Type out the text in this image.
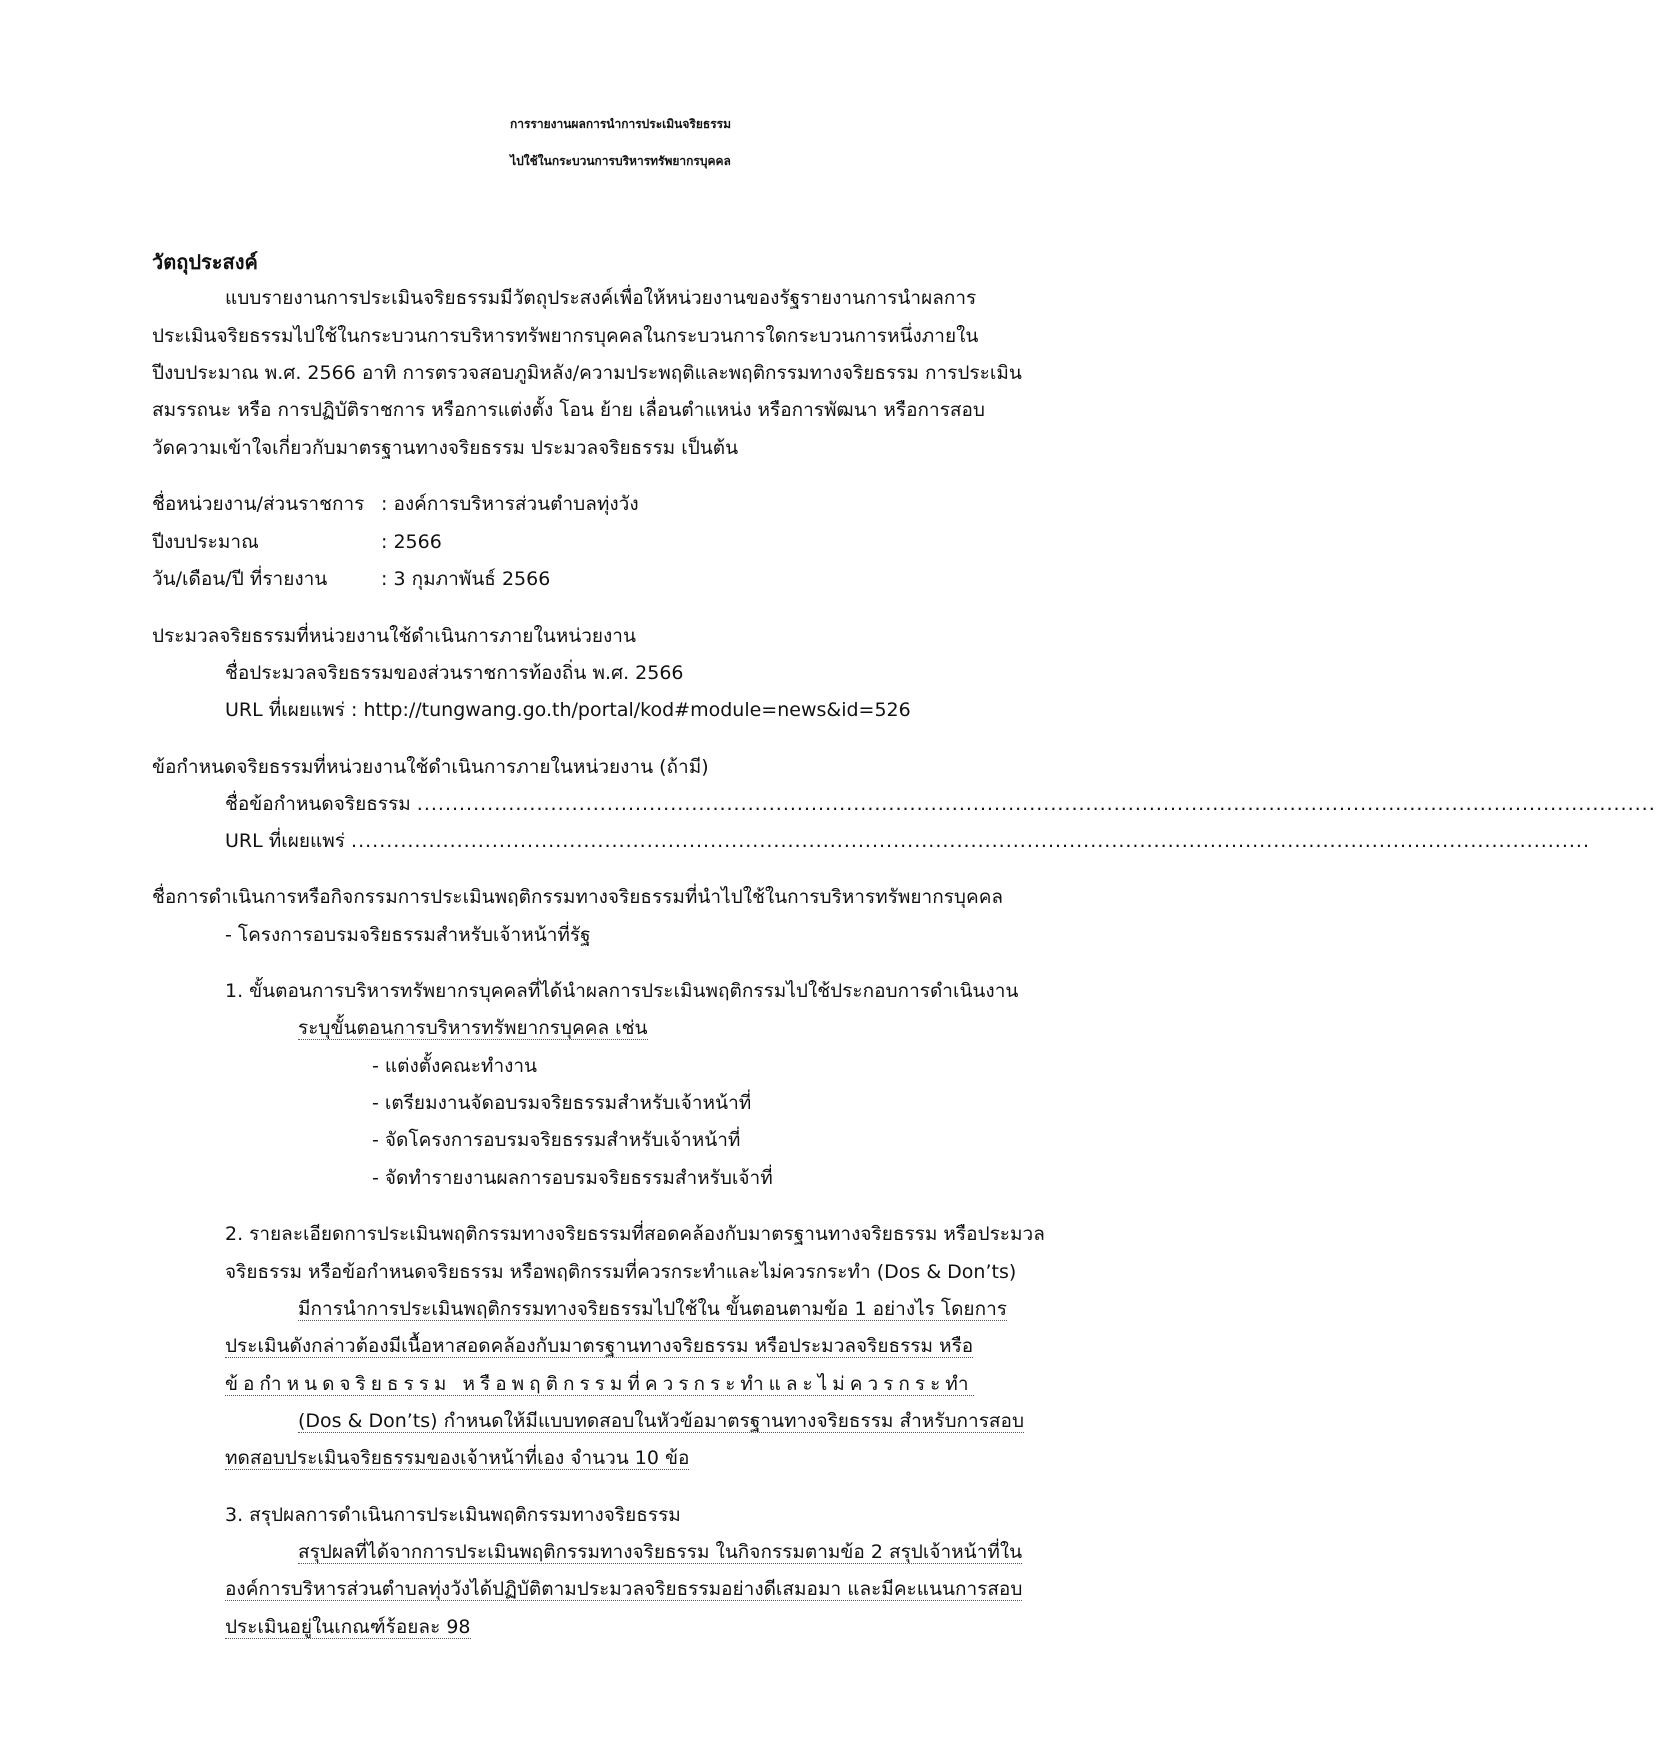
การรายงานผลการนำการประเมินจริยธรรม
ไปใช้ในกระบวนการบริหารทรัพยากรบุคคล
วัตถุประสงค์
แบบรายงานการประเมินจริยธรรมมีวัตถุประสงค์เพื่อให้หน่วยงานของรัฐรายงานการนำผลการ
ประเมินจริยธรรมไปใช้ในกระบวนการบริหารทรัพยากรบุคคลในกระบวนการใดกระบวนการหนึ่งภายใน
ปีงบประมาณ พ.ศ. 2566 อาทิ การตรวจสอบภูมิหลัง/ความประพฤติและพฤติกรรมทางจริยธรรม การประเมิน
สมรรถนะ หรือ การปฏิบัติราชการ หรือการแต่งตั้ง โอน ย้าย เลื่อนตำแหน่ง หรือการพัฒนา หรือการสอบ
วัดความเข้าใจเกี่ยวกับมาตรฐานทางจริยธรรม ประมวลจริยธรรม เป็นต้น
ชื่อหน่วยงาน/ส่วนราชการ : องค์การบริหารส่วนตำบลทุ่งวัง
ปีงบประมาณ	: 2566
วัน/เดือน/ปี ที่รายงาน	: 3 กุมภาพันธ์ 2566
ประมวลจริยธรรมที่หน่วยงานใช้ดำเนินการภายในหน่วยงาน
ชื่อประมวลจริยธรรมของส่วนราชการท้องถิ่น พ.ศ. 2566
URL ที่เผยแพร่ : http://tungwang.go.th/portal/kod#module=news&id=526
ข้อกำหนดจริยธรรมที่หน่วยงานใช้ดำเนินการภายในหน่วยงาน (ถ้ามี)
ชื่อข้อกำหนดจริยธรรม ................................................................................................................................................................................
URL ที่เผยแพร่ ................................................................................................................................................................................
ชื่อการดำเนินการหรือกิจกรรมการประเมินพฤติกรรมทางจริยธรรมที่นำไปใช้ในการบริหารทรัพยากรบุคคล
- โครงการอบรมจริยธรรมสำหรับเจ้าหน้าที่รัฐ
1. ขั้นตอนการบริหารทรัพยากรบุคคลที่ได้นำผลการประเมินพฤติกรรมไปใช้ประกอบการดำเนินงาน
ระบุขั้นตอนการบริหารทรัพยากรบุคคล เช่น
- แต่งตั้งคณะทำงาน
- เตรียมงานจัดอบรมจริยธรรมสำหรับเจ้าหน้าที่
- จัดโครงการอบรมจริยธรรมสำหรับเจ้าหน้าที่
- จัดทำรายงานผลการอบรมจริยธรรมสำหรับเจ้าที่
2. รายละเอียดการประเมินพฤติกรรมทางจริยธรรมที่สอดคล้องกับมาตรฐานทางจริยธรรม หรือประมวล
จริยธรรม หรือข้อกำหนดจริยธรรม หรือพฤติกรรมที่ควรกระทำและไม่ควรกระทำ (Dos & Don’ts)
มีการนำการประเมินพฤติกรรมทางจริยธรรมไปใช้ใน ขั้นตอนตามข้อ 1 อย่างไร โดยการ
ประเมินดังกล่าวต้องมีเนื้อหาสอดคล้องกับมาตรฐานทางจริยธรรม หรือประมวลจริยธรรม หรือ
ข้อกำหนดจริยธรรม หรือพฤติกรรมที่ควรกระทำและไม่ควรกระทำ
(Dos & Don’ts) กำหนดให้มีแบบทดสอบในหัวข้อมาตรฐานทางจริยธรรม สำหรับการสอบ
ทดสอบประเมินจริยธรรมของเจ้าหน้าที่เอง จำนวน 10 ข้อ
3. สรุปผลการดำเนินการประเมินพฤติกรรมทางจริยธรรม
สรุปผลที่ได้จากการประเมินพฤติกรรมทางจริยธรรม ในกิจกรรมตามข้อ 2 สรุปเจ้าหน้าที่ใน
องค์การบริหารส่วนตำบลทุ่งวังได้ปฏิบัติตามประมวลจริยธรรมอย่างดีเสมอมา และมีคะแนนการสอบ
ประเมินอยู่ในเกณฑ์ร้อยละ 98
